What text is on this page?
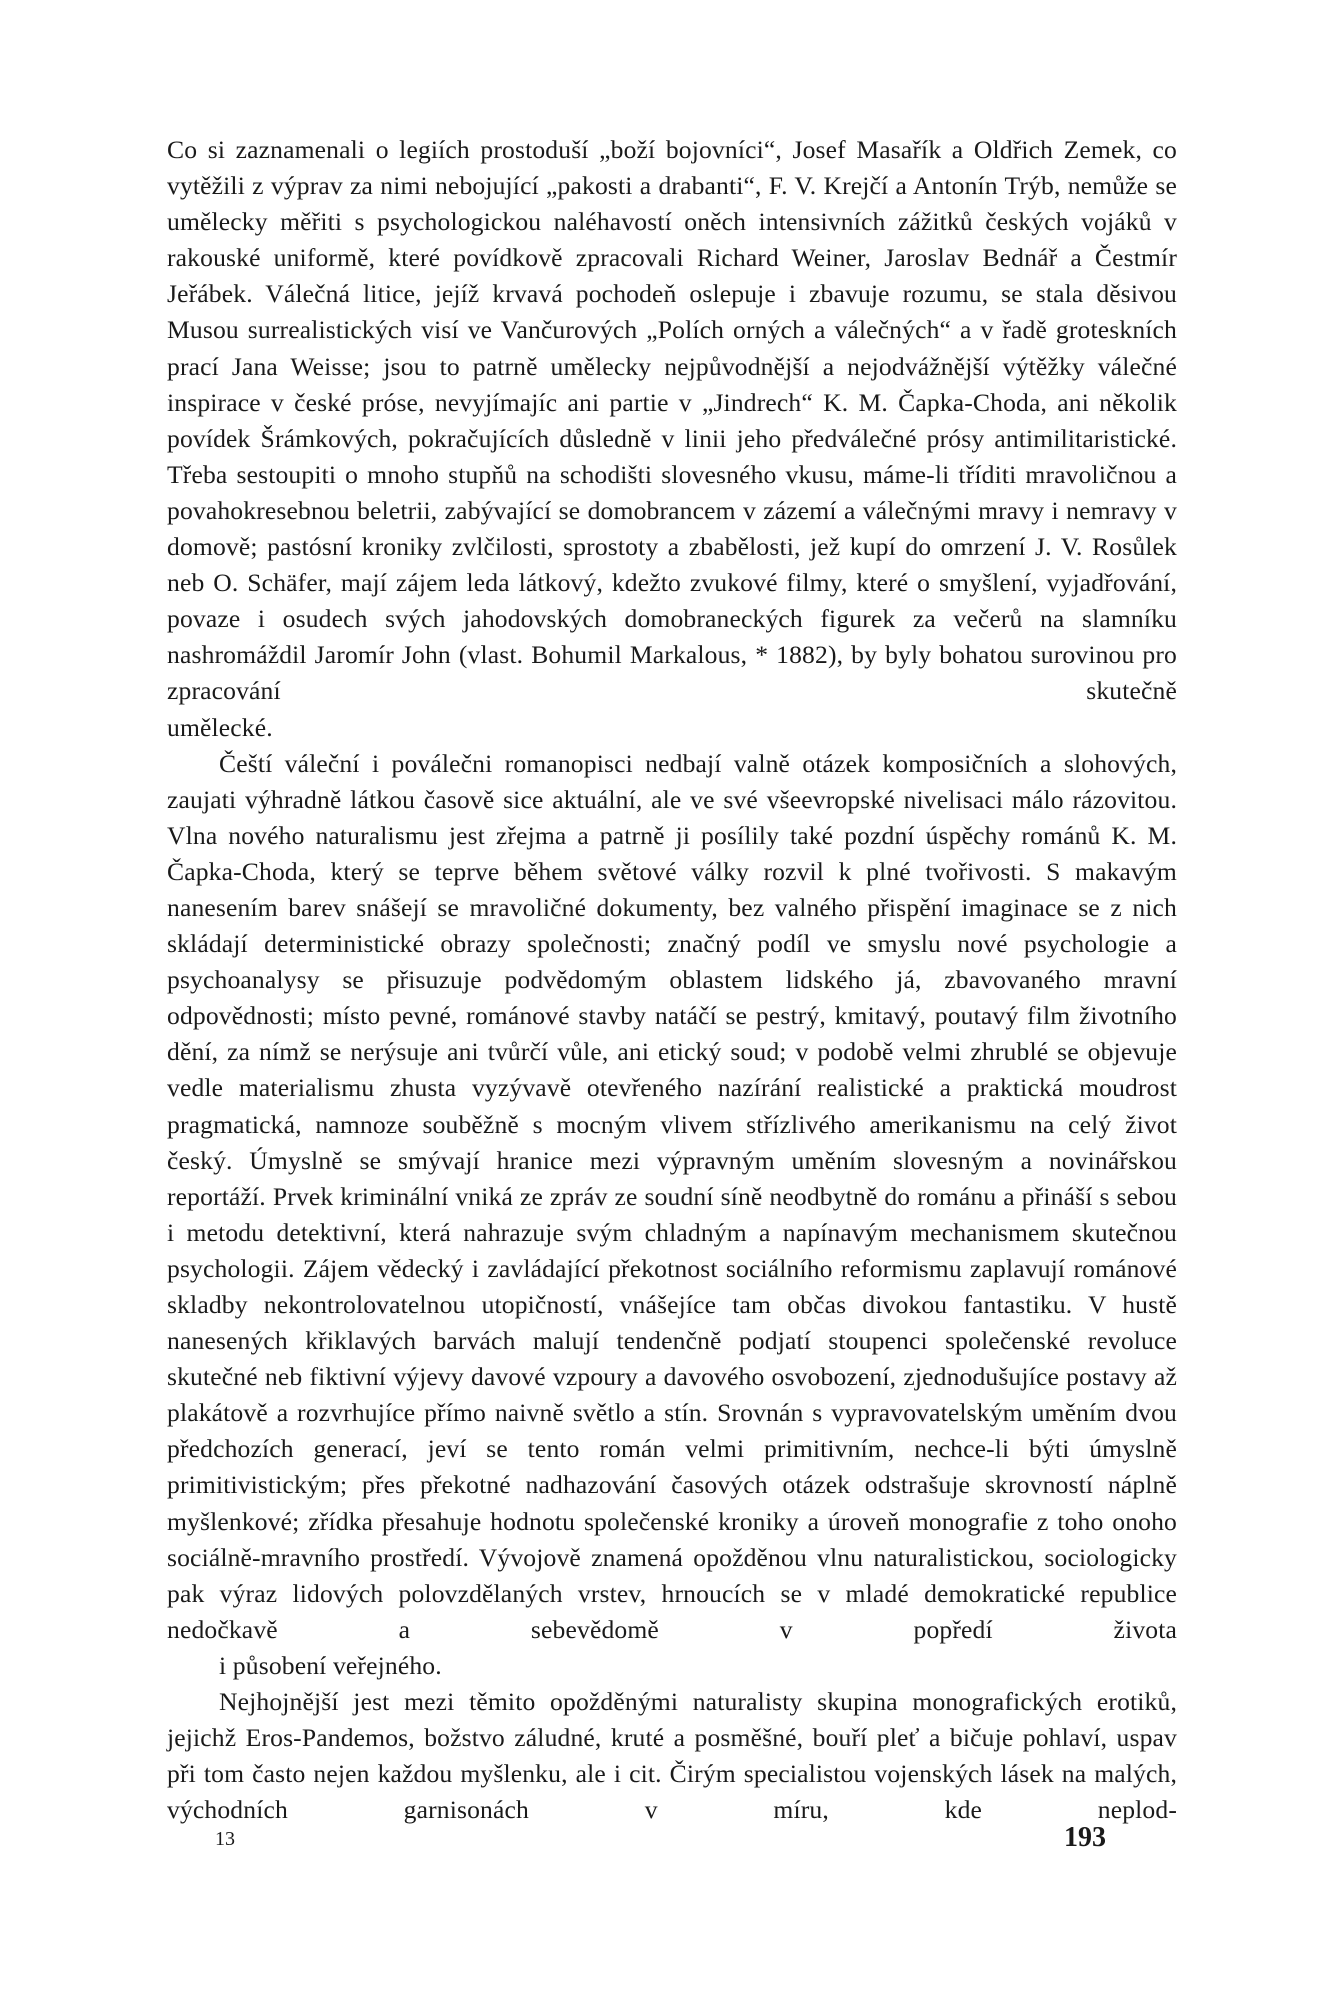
Co si zaznamenali o legiích prostoduší „boží bojovníci“, Josef Masařík a Oldřich Zemek, co vytěžili z výprav za nimi nebojující „pakosti a drabanti“, F. V. Krejčí a Antonín Trýb, nemůže se umělecky měřiti s psychologickou naléhavostí oněch intensivních zážitků českých vojáků v rakouské uniformě, které povídkově zpracovali Richard Weiner, Jaroslav Bednář a Čestmír Jeřábek. Válečná litice, jejíž krvavá pochodeň oslepuje i zbavuje rozumu, se stala děsivou Musou surrealistických visí ve Vančurových „Polích orných a válečných“ a v řadě groteskních prací Jana Weisse; jsou to patrně umělecky nejpůvodnější a nejodvážnější výtěžky válečné inspirace v české próse, nevyjímajíc ani partie v „Jindrech“ K. M. Čapka-Choda, ani několik povídek Šrámkových, pokračujících důsledně v linii jeho předválečné prósy antimilitaristické. Třeba sestoupiti o mnoho stupňů na schodišti slovesného vkusu, máme-li tříditi mravoličnou a povahokresebnou beletrii, zabývající se domobrancem v zázemí a válečnými mravy i nemravy v domově; pastósní kroniky zvlčilosti, sprostoty a zbabělosti, jež kupí do omrzení J. V. Rosůlek neb O. Schäfer, mají zájem leda látkový, kdežto zvukové filmy, které o smyšlení, vyjadřování, povaze i osudech svých jahodovských domobraneckých figurek za večerů na slamníku nashromáždil Jaromír John (vlast. Bohumil Markalous, * 1882), by byly bohatou surovinou pro zpracování skutečně
umělecké.

Čeští váleční i poválečni romanopisci nedbají valně otázek komposičních a slohových, zaujati výhradně látkou časově sice aktuální, ale ve své všeevropské nivelisaci málo rázovitou. Vlna nového naturalismu jest zřejma a patrně ji posílily také pozdní úspěchy románů K. M. Čapka-Choda, který se teprve během světové války rozvil k plné tvořivosti. S makavým nanesením barev snášejí se mravoličné dokumenty, bez valného přispění imaginace se z nich skládají deterministické obrazy společnosti; značný podíl ve smyslu nové psychologie a psychoanalysy se přisuzuje podvědomým oblastem lidského já, zbavovaného mravní odpovědnosti; místo pevné, románové stavby natáčí se pestrý, kmitavý, poutavý film životního dění, za nímž se nerýsuje ani tvůrčí vůle, ani etický soud; v podobě velmi zhrublé se objevuje vedle materialismu zhusta vyzývavě otevřeného nazírání realistické a praktická moudrost pragmatická, namnoze souběžně s mocným vlivem střízlivého amerikanismu na celý život český. Úmyslně se smývají hranice mezi výpravným uměním slovesným a novinářskou reportáží. Prvek kriminální vniká ze zpráv ze soudní síně neodbytně do románu a přináší s sebou i metodu detektivní, která nahrazuje svým chladným a napínavým mechanismem skutečnou psychologii. Zájem vědecký i zavládající překotnost sociálního reformismu zaplavují románové skladby nekontrolovatelnou utopičností, vnášejíce tam občas divokou fantastiku. V hustě nanesených křiklavých barvách malují tendenčně podjatí stoupenci společenské revoluce skutečné neb fiktivní výjevy davové vzpoury a davového osvobození, zjednodušujíce postavy až plakátově a rozvrhujíce přímo naivně světlo a stín. Srovnán s vypravovatelským uměním dvou předchozích generací, jeví se tento román velmi primitivním, nechce-li býti úmyslně primitivistickým; přes překotné nadhazování časových otázek odstrašuje skrovností náplně myšlenkové; zřídka přesahuje hodnotu společenské kroniky a úroveň monografie z toho onoho sociálně-mravního prostředí. Vývojově znamená opožděnou vlnu naturalistickou, sociologicky pak výraz lidových polovzdělaných vrstev, hrnoucích se v mladé demokratické republice nedočkavě a sebevědomě v popředí života
i působení veřejného.

Nejhojnější jest mezi těmito opožděnými naturalisty skupina monografických erotiků, jejichž Eros-Pandemos, božstvo záludné, kruté a posměšné, bouří pleť a bičuje pohlaví, uspav při tom často nejen každou myšlenku, ale i cit. Čirým specialistou vojenských lásek na malých, východních garnisonách v míru, kde neplod-

13	193
